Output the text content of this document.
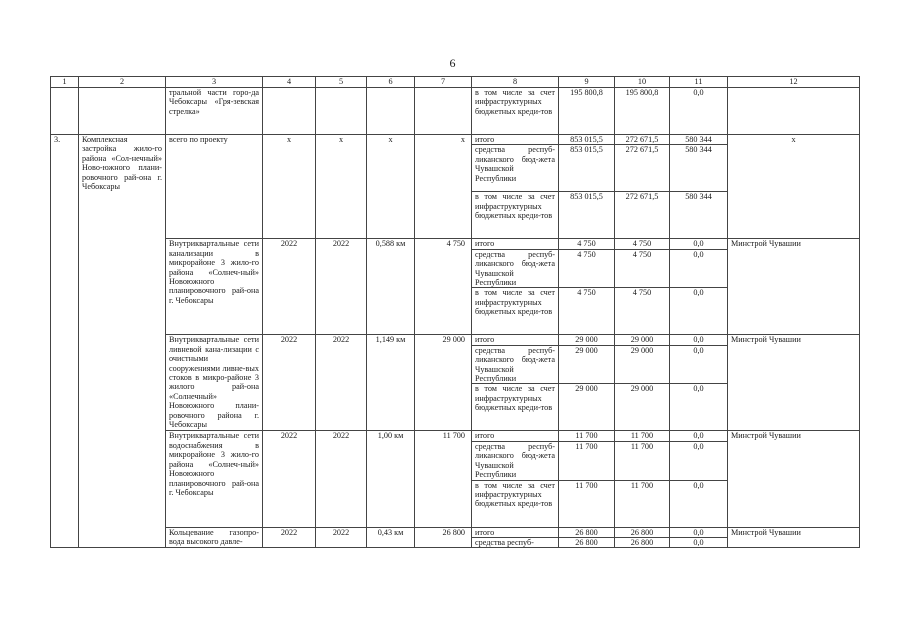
6
1	2	3	4	5	6	7	8	9	10	11	12
		тральной части горо-да Чебоксары «Гря-зевская стрелка»					в том числе за счет инфраструктурных бюджетных креди-тов	195 800,8	195 800,8	0,0	
3.	Комплексная застройка жило-го района «Сол-нечный» Ново-южного плани-ровочного рай-она г. Чебоксары	всего по проекту	х	х	х	х	итого	853 015,5	272 671,5	580 344	х
							средства респуб-ликанского бюд-жета Чувашской Республики	853 015,5	272 671,5	580 344	
							в том числе за счет инфраструктурных бюджетных креди-тов	853 015,5	272 671,5	580 344	
		Внутриквартальные сети канализации в микрорайоне 3 жило-го района «Солнеч-ный» Новоюжного планировочного рай-она г. Чебоксары	2022	2022	0,588 км	4 750	итого	4 750	4 750	0,0	Минстрой Чувашии
							средства респуб-ликанского бюд-жета Чувашской Республики	4 750	4 750	0,0	
							в том числе за счет инфраструктурных бюджетных креди-тов	4 750	4 750	0,0	
		Внутриквартальные сети ливневой кана-лизации с очистными сооружениями ливне-вых стоков в микро-районе 3 жилого рай-она «Солнечный» Новоюжного плани-ровочного района г. Чебоксары	2022	2022	1,149 км	29 000	итого	29 000	29 000	0,0	Минстрой Чувашии
							средства респуб-ликанского бюд-жета Чувашской Республики	29 000	29 000	0,0	
							в том числе за счет инфраструктурных бюджетных креди-тов	29 000	29 000	0,0	
		Внутриквартальные сети водоснабжения в микрорайоне 3 жило-го района «Солнеч-ный» Новоюжного планировочного рай-она г. Чебоксары	2022	2022	1,00 км	11 700	итого	11 700	11 700	0,0	Минстрой Чувашии
							средства респуб-ликанского бюд-жета Чувашской Республики	11 700	11 700	0,0	
							в том числе за счет инфраструктурных бюджетных креди-тов	11 700	11 700	0,0	
		Кольцевание газопро-вода высокого давле-	2022	2022	0,43 км	26 800	итого	26 800	26 800	0,0	Минстрой Чувашии
							средства респуб-	26 800	26 800	0,0	
